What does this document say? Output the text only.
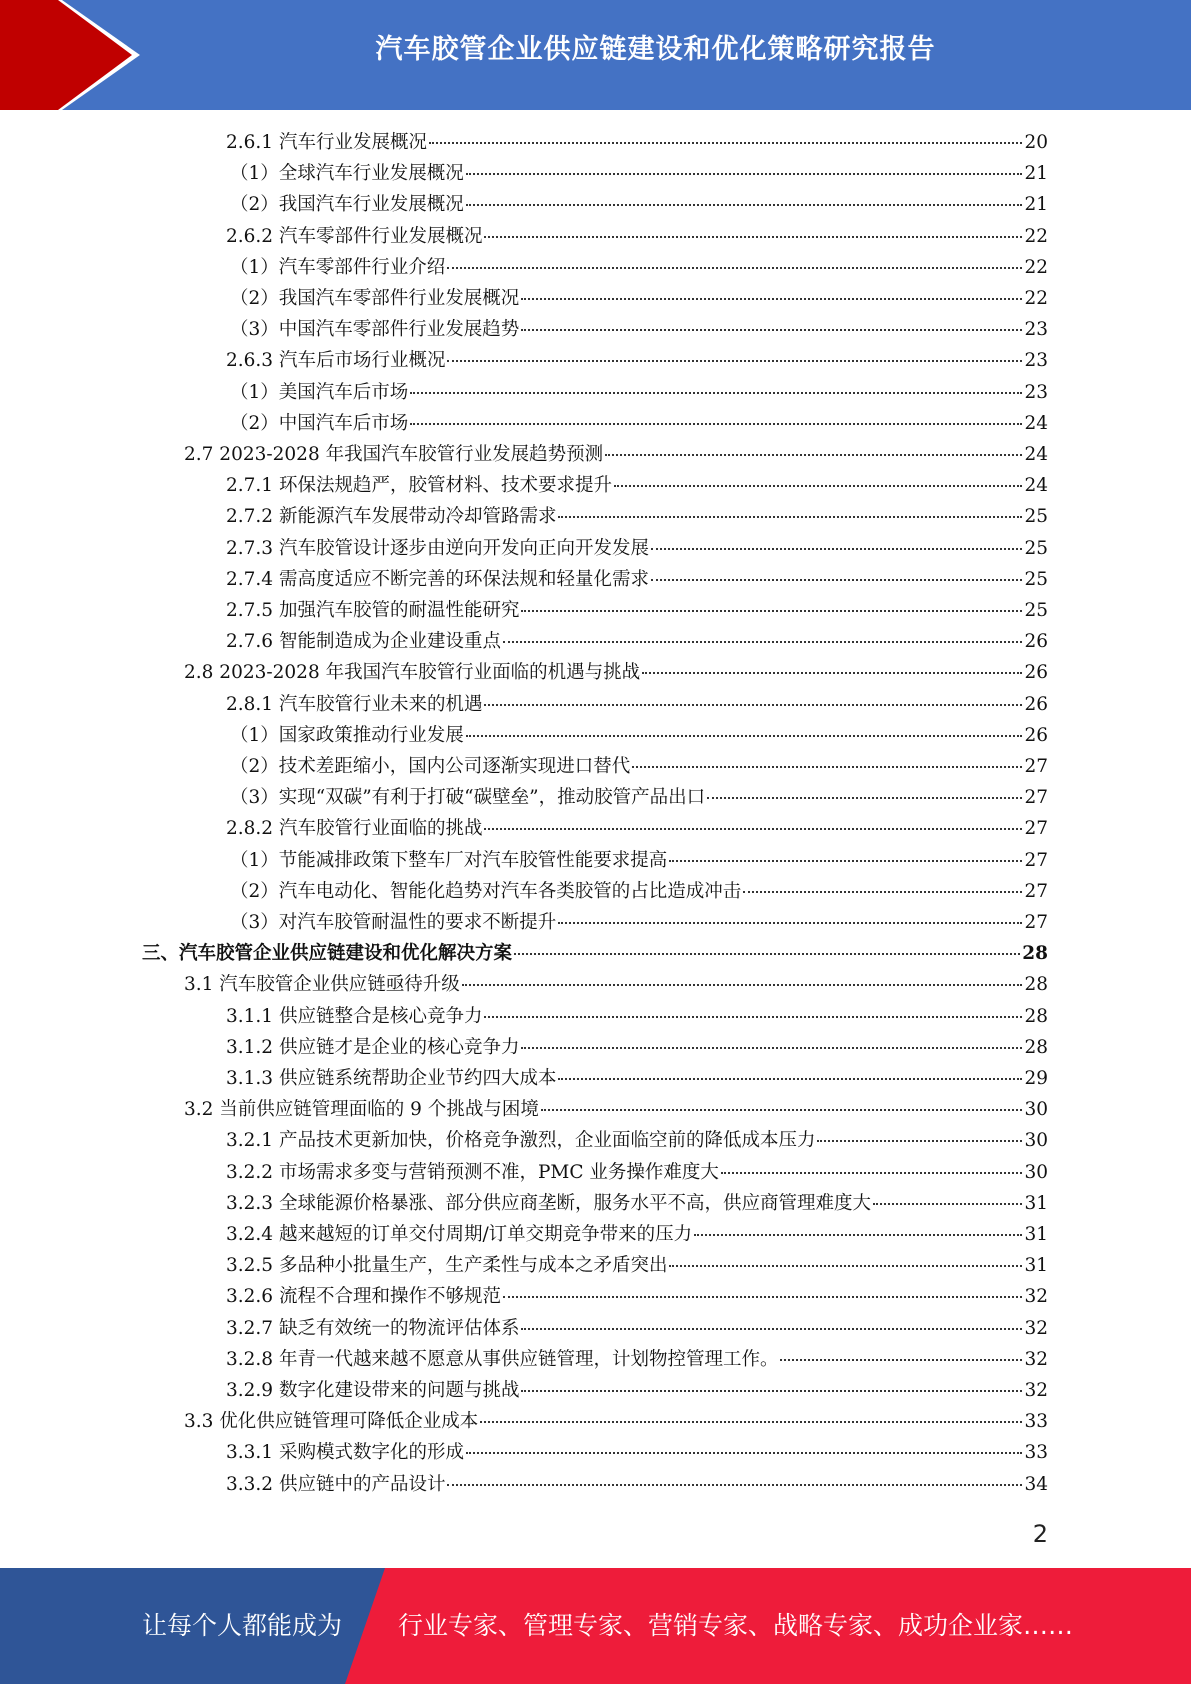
汽车胶管企业供应链建设和优化策略研究报告
2.6.1 汽车行业发展概况	20
（1）全球汽车行业发展概况	21
（2）我国汽车行业发展概况	21
2.6.2 汽车零部件行业发展概况	22
（1）汽车零部件行业介绍	22
（2）我国汽车零部件行业发展概况	22
（3）中国汽车零部件行业发展趋势	23
2.6.3 汽车后市场行业概况	23
（1）美国汽车后市场	23
（2）中国汽车后市场	24
2.7 2023-2028 年我国汽车胶管行业发展趋势预测	24
2.7.1 环保法规趋严，胶管材料、技术要求提升	24
2.7.2 新能源汽车发展带动冷却管路需求	25
2.7.3 汽车胶管设计逐步由逆向开发向正向开发发展	25
2.7.4 需高度适应不断完善的环保法规和轻量化需求	25
2.7.5 加强汽车胶管的耐温性能研究	25
2.7.6 智能制造成为企业建设重点	26
2.8 2023-2028 年我国汽车胶管行业面临的机遇与挑战	26
2.8.1 汽车胶管行业未来的机遇	26
（1）国家政策推动行业发展	26
（2）技术差距缩小，国内公司逐渐实现进口替代	27
（3）实现“双碳”有利于打破“碳壁垒”，推动胶管产品出口	27
2.8.2 汽车胶管行业面临的挑战	27
（1）节能减排政策下整车厂对汽车胶管性能要求提高	27
（2）汽车电动化、智能化趋势对汽车各类胶管的占比造成冲击	27
（3）对汽车胶管耐温性的要求不断提升	27
三、汽车胶管企业供应链建设和优化解决方案	28
3.1 汽车胶管企业供应链亟待升级	28
3.1.1 供应链整合是核心竞争力	28
3.1.2 供应链才是企业的核心竞争力	28
3.1.3 供应链系统帮助企业节约四大成本	29
3.2 当前供应链管理面临的 9 个挑战与困境	30
3.2.1 产品技术更新加快，价格竞争激烈，企业面临空前的降低成本压力	30
3.2.2 市场需求多变与营销预测不准，PMC 业务操作难度大	30
3.2.3 全球能源价格暴涨、部分供应商垄断，服务水平不高，供应商管理难度大	31
3.2.4 越来越短的订单交付周期/订单交期竞争带来的压力	31
3.2.5 多品种小批量生产，生产柔性与成本之矛盾突出	31
3.2.6 流程不合理和操作不够规范	32
3.2.7 缺乏有效统一的物流评估体系	32
3.2.8 年青一代越来越不愿意从事供应链管理，计划物控管理工作。	32
3.2.9 数字化建设带来的问题与挑战	32
3.3 优化供应链管理可降低企业成本	33
3.3.1 采购模式数字化的形成	33
3.3.2 供应链中的产品设计	34
2
让每个人都能成为 行业专家、管理专家、营销专家、战略专家、成功企业家……
